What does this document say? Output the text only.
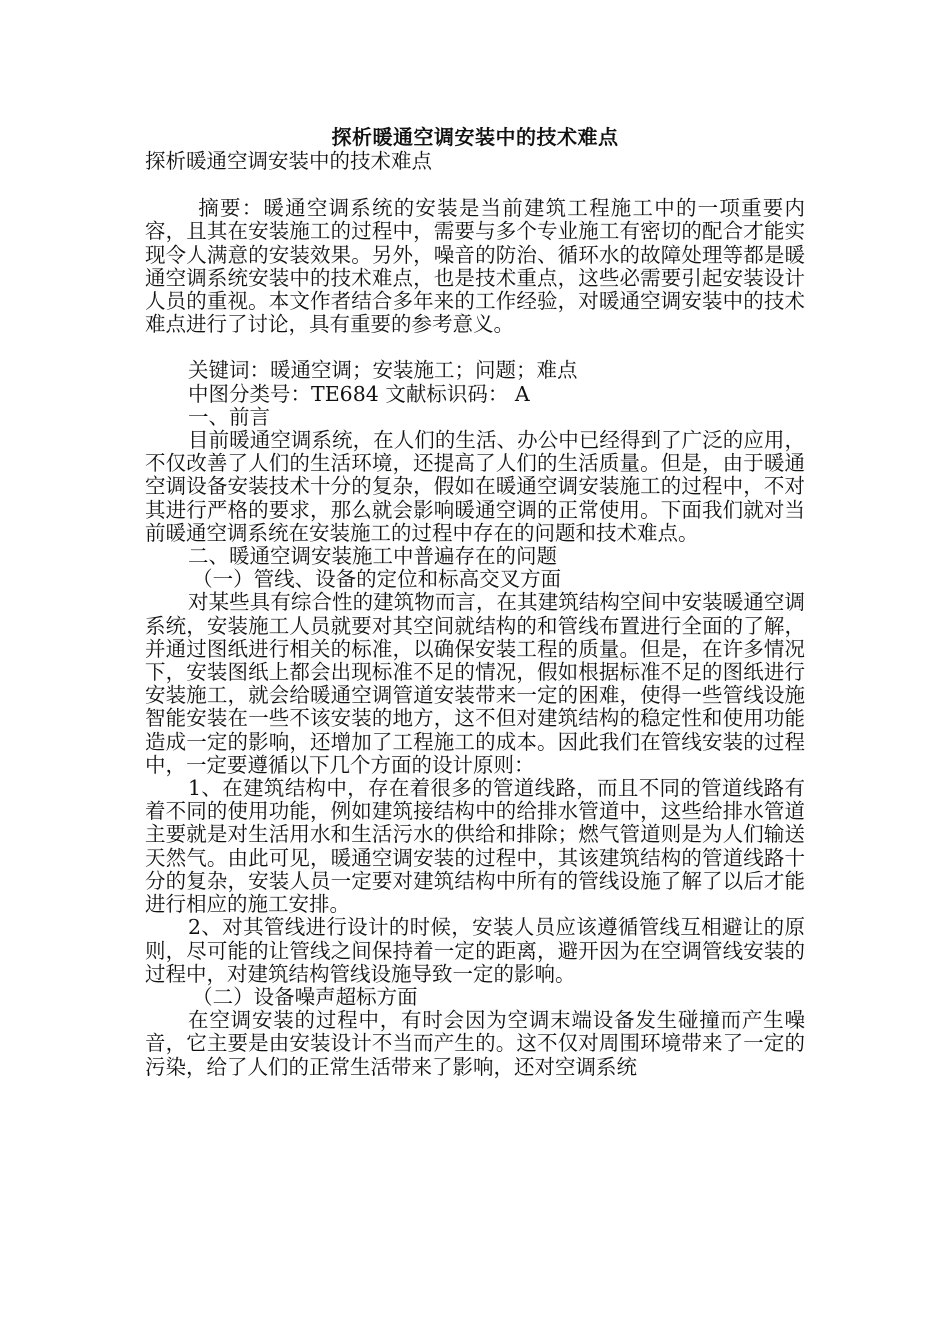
探析暖通空调安装中的技术难点

探析暖通空调安装中的技术难点

摘要：暖通空调系统的安装是当前建筑工程施工中的一项重要内容，且其在安装施工的过程中，需要与多个专业施工有密切的配合才能实现令人满意的安装效果。另外，噪音的防治、循环水的故障处理等都是暖通空调系统安装中的技术难点，也是技术重点，这些必需要引起安装设计人员的重视。本文作者结合多年来的工作经验，对暖通空调安装中的技术难点进行了讨论，具有重要的参考意义。

关键词：暖通空调；安装施工；问题；难点

中图分类号：TE684 文献标识码： A

一、前言

目前暖通空调系统，在人们的生活、办公中已经得到了广泛的应用，不仅改善了人们的生活环境，还提高了人们的生活质量。但是，由于暖通空调设备安装技术十分的复杂，假如在暖通空调安装施工的过程中，不对其进行严格的要求，那么就会影响暖通空调的正常使用。下面我们就对当前暖通空调系统在安装施工的过程中存在的问题和技术难点。

二、暖通空调安装施工中普遍存在的问题

（一）管线、设备的定位和标高交叉方面

对某些具有综合性的建筑物而言，在其建筑结构空间中安装暖通空调系统，安装施工人员就要对其空间就结构的和管线布置进行全面的了解，并通过图纸进行相关的标准，以确保安装工程的质量。但是，在许多情况下，安装图纸上都会出现标准不足的情况，假如根据标准不足的图纸进行安装施工，就会给暖通空调管道安装带来一定的困难，使得一些管线设施智能安装在一些不该安装的地方，这不但对建筑结构的稳定性和使用功能造成一定的影响，还增加了工程施工的成本。因此我们在管线安装的过程中，一定要遵循以下几个方面的设计原则：

1、在建筑结构中，存在着很多的管道线路，而且不同的管道线路有着不同的使用功能，例如建筑接结构中的给排水管道中，这些给排水管道主要就是对生活用水和生活污水的供给和排除；燃气管道则是为人们输送天然气。由此可见，暖通空调安装的过程中，其该建筑结构的管道线路十分的复杂，安装人员一定要对建筑结构中所有的管线设施了解了以后才能进行相应的施工安排。

2、对其管线进行设计的时候，安装人员应该遵循管线互相避让的原则，尽可能的让管线之间保持着一定的距离，避开因为在空调管线安装的过程中，对建筑结构管线设施导致一定的影响。

（二）设备噪声超标方面

在空调安装的过程中，有时会因为空调末端设备发生碰撞而产生噪音，它主要是由安装设计不当而产生的。这不仅对周围环境带来了一定的污染，给了人们的正常生活带来了影响，还对空调系统
